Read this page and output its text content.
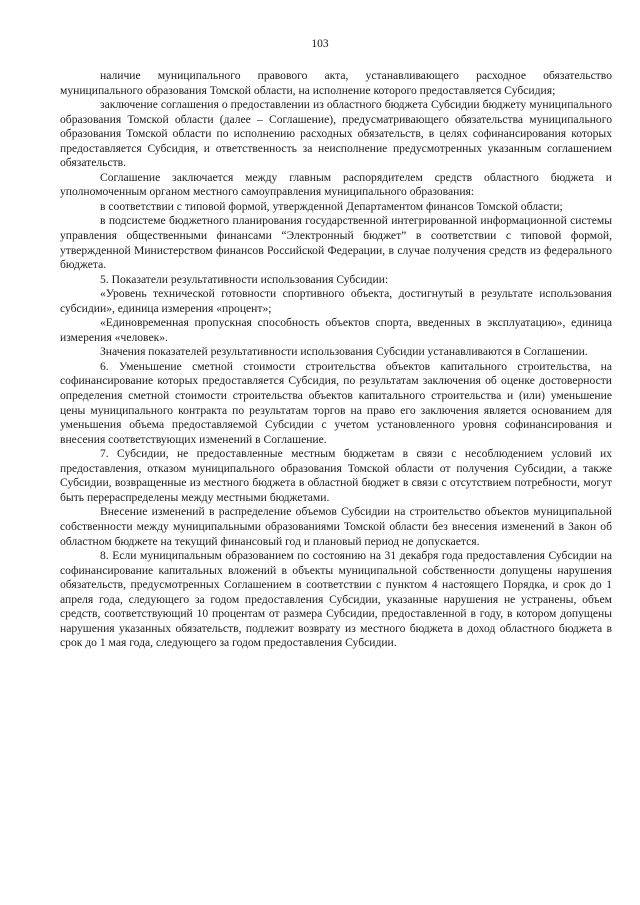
103

наличие муниципального правового акта, устанавливающего расходное обязательство муниципального образования Томской области, на исполнение которого предоставляется Субсидия;

заключение соглашения о предоставлении из областного бюджета Субсидии бюджету муниципального образования Томской области (далее – Соглашение), предусматривающего обязательства муниципального образования Томской области по исполнению расходных обязательств, в целях софинансирования которых предоставляется Субсидия, и ответственность за неисполнение предусмотренных указанным соглашением обязательств.

Соглашение заключается между главным распорядителем средств областного бюджета и уполномоченным органом местного самоуправления муниципального образования:

в соответствии с типовой формой, утвержденной Департаментом финансов Томской области;

в подсистеме бюджетного планирования государственной интегрированной информационной системы управления общественными финансами “Электронный бюджет” в соответствии с типовой формой, утвержденной Министерством финансов Российской Федерации, в случае получения средств из федерального бюджета.

5. Показатели результативности использования Субсидии:

«Уровень технической готовности спортивного объекта, достигнутый в результате использования субсидии», единица измерения «процент»;

«Единовременная пропускная способность объектов спорта, введенных в эксплуатацию», единица измерения «человек».

Значения показателей результативности использования Субсидии устанавливаются в Соглашении.

6. Уменьшение сметной стоимости строительства объектов капитального строительства, на софинансирование которых предоставляется Субсидия, по результатам заключения об оценке достоверности определения сметной стоимости строительства объектов капитального строительства и (или) уменьшение цены муниципального контракта по результатам торгов на право его заключения является основанием для уменьшения объема предоставляемой Субсидии с учетом установленного уровня софинансирования и внесения соответствующих изменений в Соглашение.

7. Субсидии, не предоставленные местным бюджетам в связи с несоблюдением условий их предоставления, отказом муниципального образования Томской области от получения Субсидии, а также Субсидии, возвращенные из местного бюджета в областной бюджет в связи с отсутствием потребности, могут быть перераспределены между местными бюджетами.

Внесение изменений в распределение объемов Субсидии на строительство объектов муниципальной собственности между муниципальными образованиями Томской области без внесения изменений в Закон об областном бюджете на текущий финансовый год и плановый период не допускается.

8. Если муниципальным образованием по состоянию на 31 декабря года предоставления Субсидии на софинансирование капитальных вложений в объекты муниципальной собственности допущены нарушения обязательств, предусмотренных Соглашением в соответствии с пунктом 4 настоящего Порядка, и срок до 1 апреля года, следующего за годом предоставления Субсидии, указанные нарушения не устранены, объем средств, соответствующий 10 процентам от размера Субсидии, предоставленной в году, в котором допущены нарушения указанных обязательств, подлежит возврату из местного бюджета в доход областного бюджета в срок до 1 мая года, следующего за годом предоставления Субсидии.
